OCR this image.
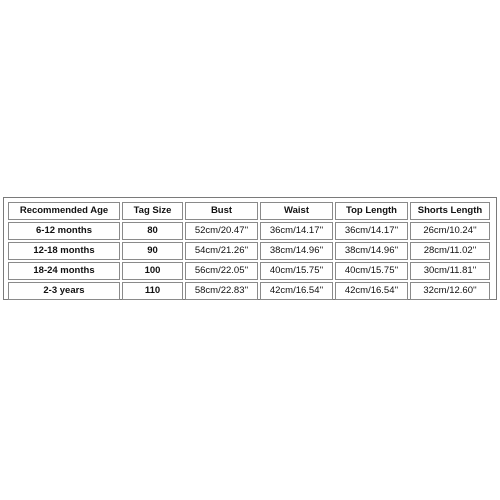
Recommended Age	Tag Size	Bust	Waist	Top Length	Shorts Length
6-12 months	80	52cm/20.47''	36cm/14.17''	36cm/14.17''	26cm/10.24''
12-18 months	90	54cm/21.26''	38cm/14.96''	38cm/14.96''	28cm/11.02''
18-24 months	100	56cm/22.05''	40cm/15.75''	40cm/15.75''	30cm/11.81''
2-3 years	110	58cm/22.83''	42cm/16.54''	42cm/16.54''	32cm/12.60''
